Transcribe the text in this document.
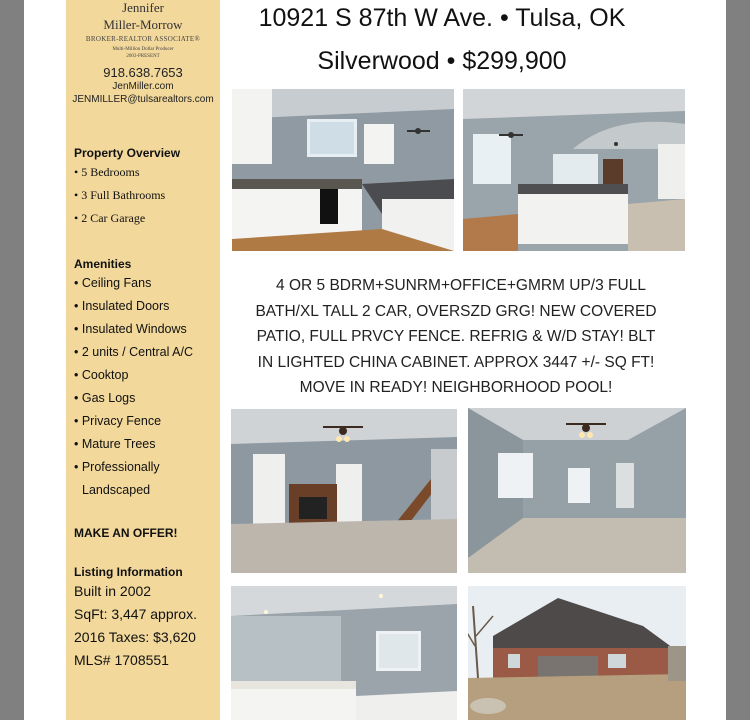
Jennifer
Miller-Morrow
BROKER-REALTOR ASSOCIATE®
Multi-Million Dollar Producer
2003-PRESENT
918.638.7653
JenMiller.com
JENMILLER@tulsarealtors.com
Property Overview
• 5 Bedrooms
• 3 Full Bathrooms
• 2 Car Garage
Amenities
• Ceiling Fans
• Insulated Doors
• Insulated Windows
• 2 units / Central A/C
• Cooktop
• Gas Logs
• Privacy Fence
• Mature Trees
• Professionally
Landscaped
MAKE AN OFFER!
Listing Information
Built in 2002
SqFt: 3,447 approx.
2016 Taxes: $3,620
MLS# 1708551
10921 S 87th W Ave. • Tulsa, OK
Silverwood • $299,900
4 OR 5 BDRM+SUNRM+OFFICE+GMRM UP/3 FULL
BATH/XL TALL 2 CAR, OVERSZD GRG! NEW COVERED
PATIO, FULL PRVCY FENCE. REFRIG & W/D STAY! BLT
IN LIGHTED CHINA CABINET. APPROX 3447 +/- SQ FT!
MOVE IN READY! NEIGHBORHOOD POOL!
